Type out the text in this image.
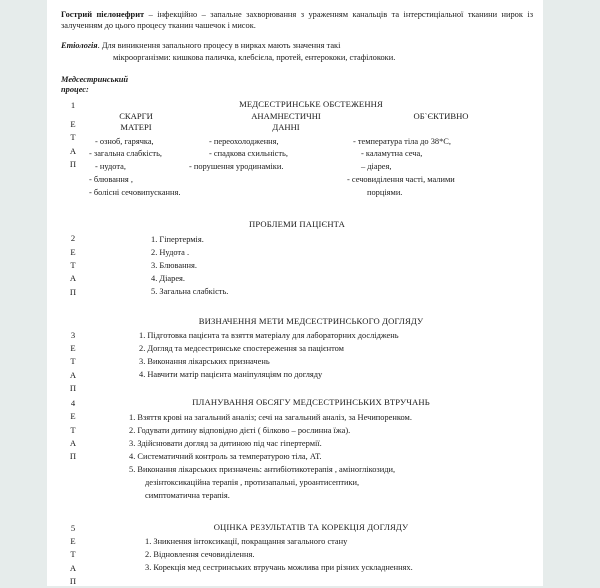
Гострий пієлонефрит – інфекційно – запальне захворювання з ураженням канальців та інтерстиціальної тканини нирок із залученням до цього процесу тканин чашечок і мисок.

Етіологія. Для виникнення запального процесу в нирках мають значення такі

мікроорганізми: кишкова паличка, клебсієла, протей, ентерококи, стафілококи.

Медсестринський
процес:
1
Е
Т
А
П
МЕДСЕСТРИНСЬКЕ ОБСТЕЖЕННЯ
СКАРГИ
МАТЕРІ
АНАМНЕСТИЧНІ
ДАННІ
ОБ`ЄКТИВНО
- озноб, гарячка,
- загальна слабкість,
- нудота,
- блювання ,
- болісні сечовипускання.
- переохолодження,
- спадкова схильність,
- порушення уродинаміки.
- температура тіла до 38*С,
- каламутна сеча,
– діарея,
- сечовиділення часті, малими
порціями.
2
Е
Т
А
П
ПРОБЛЕМИ ПАЦІЄНТА
1. Гіпертермія.
2. Нудота .
3. Блювання.
4. Діарея.
5. Загальна слабкість.
3
Е
Т
А
П
ВИЗНАЧЕННЯ МЕТИ МЕДСЕСТРИНСЬКОГО ДОГЛЯДУ
1. Підготовка пацієнта та взяття матеріалу для лабораторних досліджень
2. Догляд та медсестринське спостереження за пацієнтом
3. Виконання лікарських призначень
4. Навчити матір пацієнта маніпуляціям по догляду
4
Е
Т
А
П
ПЛАНУВАННЯ ОБСЯГУ МЕДСЕСТРИНСЬКИХ ВТРУЧАНЬ
1. Взяття крові на загальний аналіз; сечі на загальний аналіз, за Нечипоренком.
2. Годувати дитину відповідно дієті ( білково – рослинна їжа).
3. Здійснювати догляд за дитиною під час гіпертермії.
4. Систематичний контроль за температурою тіла, АТ.
5. Виконання лікарських призначень: антибіотикотерапія , аміноглікозиди,
дезінтоксикаційна терапія , протизапальні, уроантисептики,
симптоматична терапія.
5
Е
Т
А
П
ОЦІНКА РЕЗУЛЬТАТІВ ТА КОРЕКЦІЯ ДОГЛЯДУ
1. Зникнення інтоксикації, покращання загального стану
2. Відновлення сечовиділення.
3. Корекція мед сестринських втручань можлива при різних ускладненнях.
